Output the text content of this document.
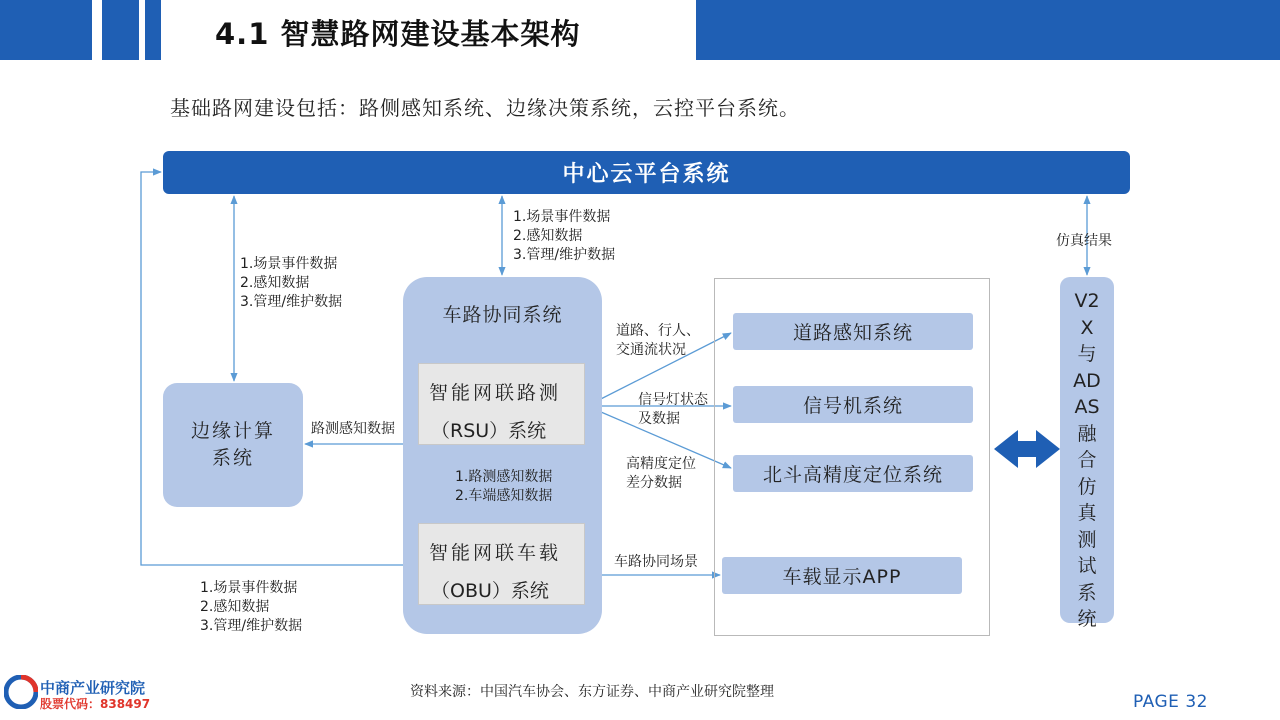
4.1 智慧路网建设基本架构
基础路网建设包括：路侧感知系统、边缘决策系统，云控平台系统。
中心云平台系统
边缘计算
系统
车路协同系统
智能网联路测
（RSU）系统
智能网联车载
（OBU）系统
道路感知系统
信号机系统
北斗高精度定位系统
车载显示APP
V2
X
与
AD
AS
融
合
仿
真
测
试
系
统
1.场景事件数据
2.感知数据
3.管理/维护数据
1.场景事件数据
2.感知数据
3.管理/维护数据
1.场景事件数据
2.感知数据
3.管理/维护数据
路测感知数据
1.路测感知数据
2.车端感知数据
道路、行人、
交通流状况
信号灯状态
及数据
高精度定位
差分数据
车路协同场景
仿真结果
中商产业研究院
股票代码：838497
资料来源：中国汽车协会、东方证券、中商产业研究院整理	PAGE 32
